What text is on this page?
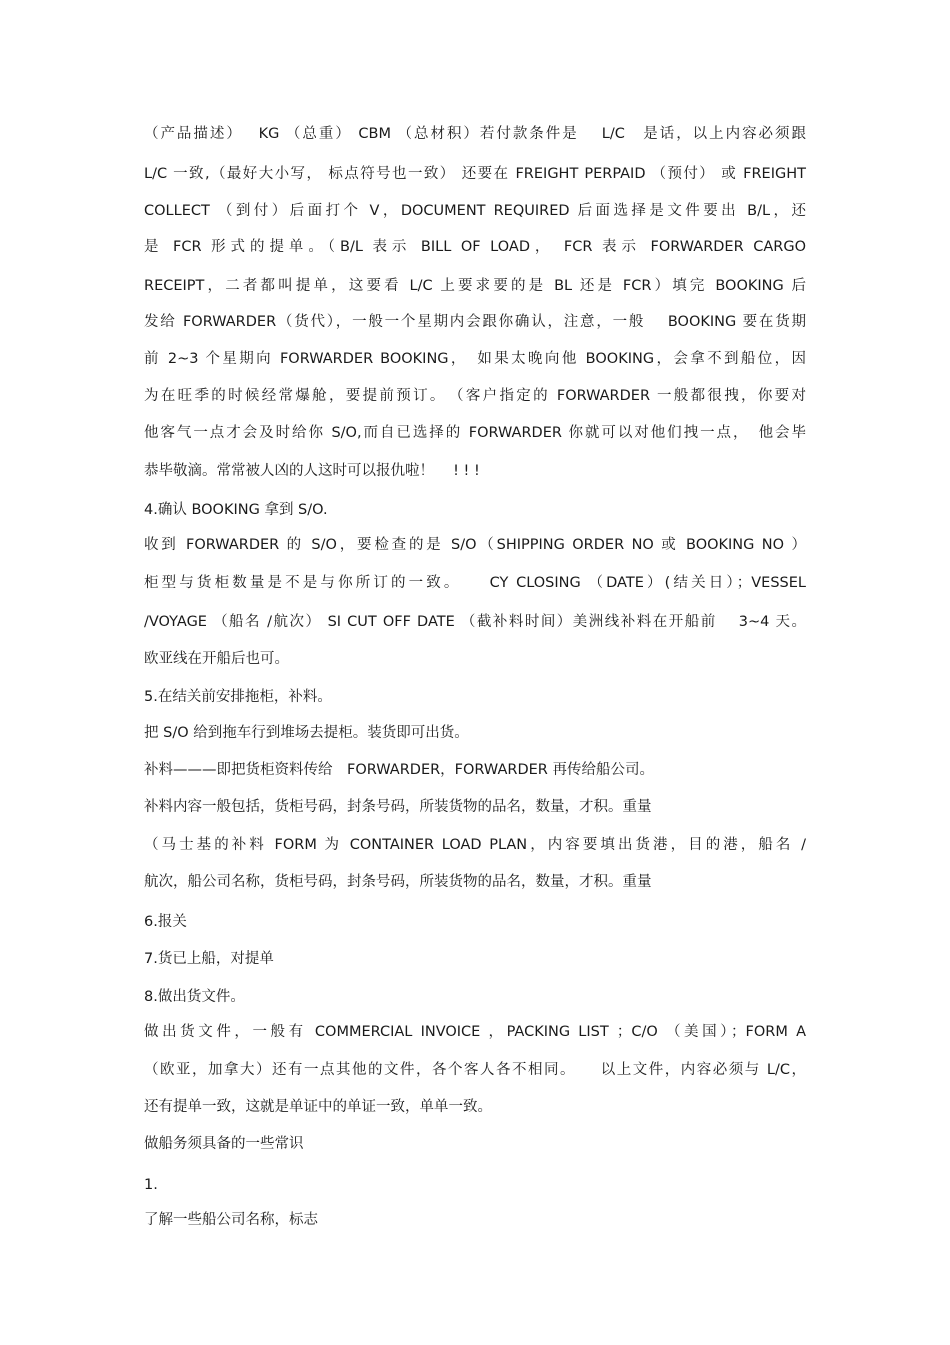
（产品描述）　 KG （总重） CBM （总材积）若付款条件是　 L/C　是话，以上内容必须跟
L/C 一致,（最好大小写， 标点符号也一致） 还要在 FREIGHT PERPAID （预付） 或 FREIGHT
COLLECT （到付）后面打个 V，DOCUMENT REQUIRED 后面选择是文件要出 B/L，还
是 FCR 形式的提单。（B/L 表示 BILL OF LOAD， FCR 表示 FORWARDER CARGO
RECEIPT，二者都叫提单，这要看 L/C 上要求要的是 BL 还是 FCR）填完 BOOKING 后
发给 FORWARDER（货代），一般一个星期内会跟你确认，注意，一般　 BOOKING 要在货期
前 2~3 个星期向 FORWARDER BOOKING，　如果太晚向他 BOOKING，会拿不到船位，因
为在旺季的时候经常爆舱，要提前预订。　（客户指定的 FORWARDER 一般都很拽，你要对
他客气一点才会及时给你 S/O,而自已选择的 FORWARDER 你就可以对他们拽一点，　他会毕
恭毕敬滴。常常被人凶的人这时可以报仇啦！　 ! ! !
4.确认 BOOKING 拿到 S/O.
收到 FORWARDER 的 S/O，要检查的是 S/O（SHIPPING ORDER NO 或 BOOKING NO ）
柜型与货柜数量是不是与你所订的一致。　　CY CLOSING （DATE）(结关日）；VESSEL
/VOYAGE （船名 /航次） SI CUT OFF DATE （截补料时间）美洲线补料在开船前　 3~4 天。
欧亚线在开船后也可。
5.在结关前安排拖柜，补料。
把 S/O 给到拖车行到堆场去提柜。装货即可出货。
补料———即把货柜资料传给　FORWARDER，FORWARDER 再传给船公司。
补料内容一般包括，货柜号码，封条号码，所装货物的品名，数量，才积。重量
（马士基的补料 FORM 为 CONTAINER LOAD PLAN，内容要填出货港，目的港，船名 /
航次，船公司名称，货柜号码，封条号码，所装货物的品名，数量，才积。重量
6.报关
7.货已上船，对提单
8.做出货文件。
做出货文件，一般有 COMMERCIAL INVOICE ，PACKING LIST ；C/O （美国）；FORM A
（欧亚，加拿大）还有一点其他的文件，各个客人各不相同。　　以上文件，内容必须与 L/C，
还有提单一致，这就是单证中的单证一致，单单一致。
做船务须具备的一些常识
1.
了解一些船公司名称，标志
